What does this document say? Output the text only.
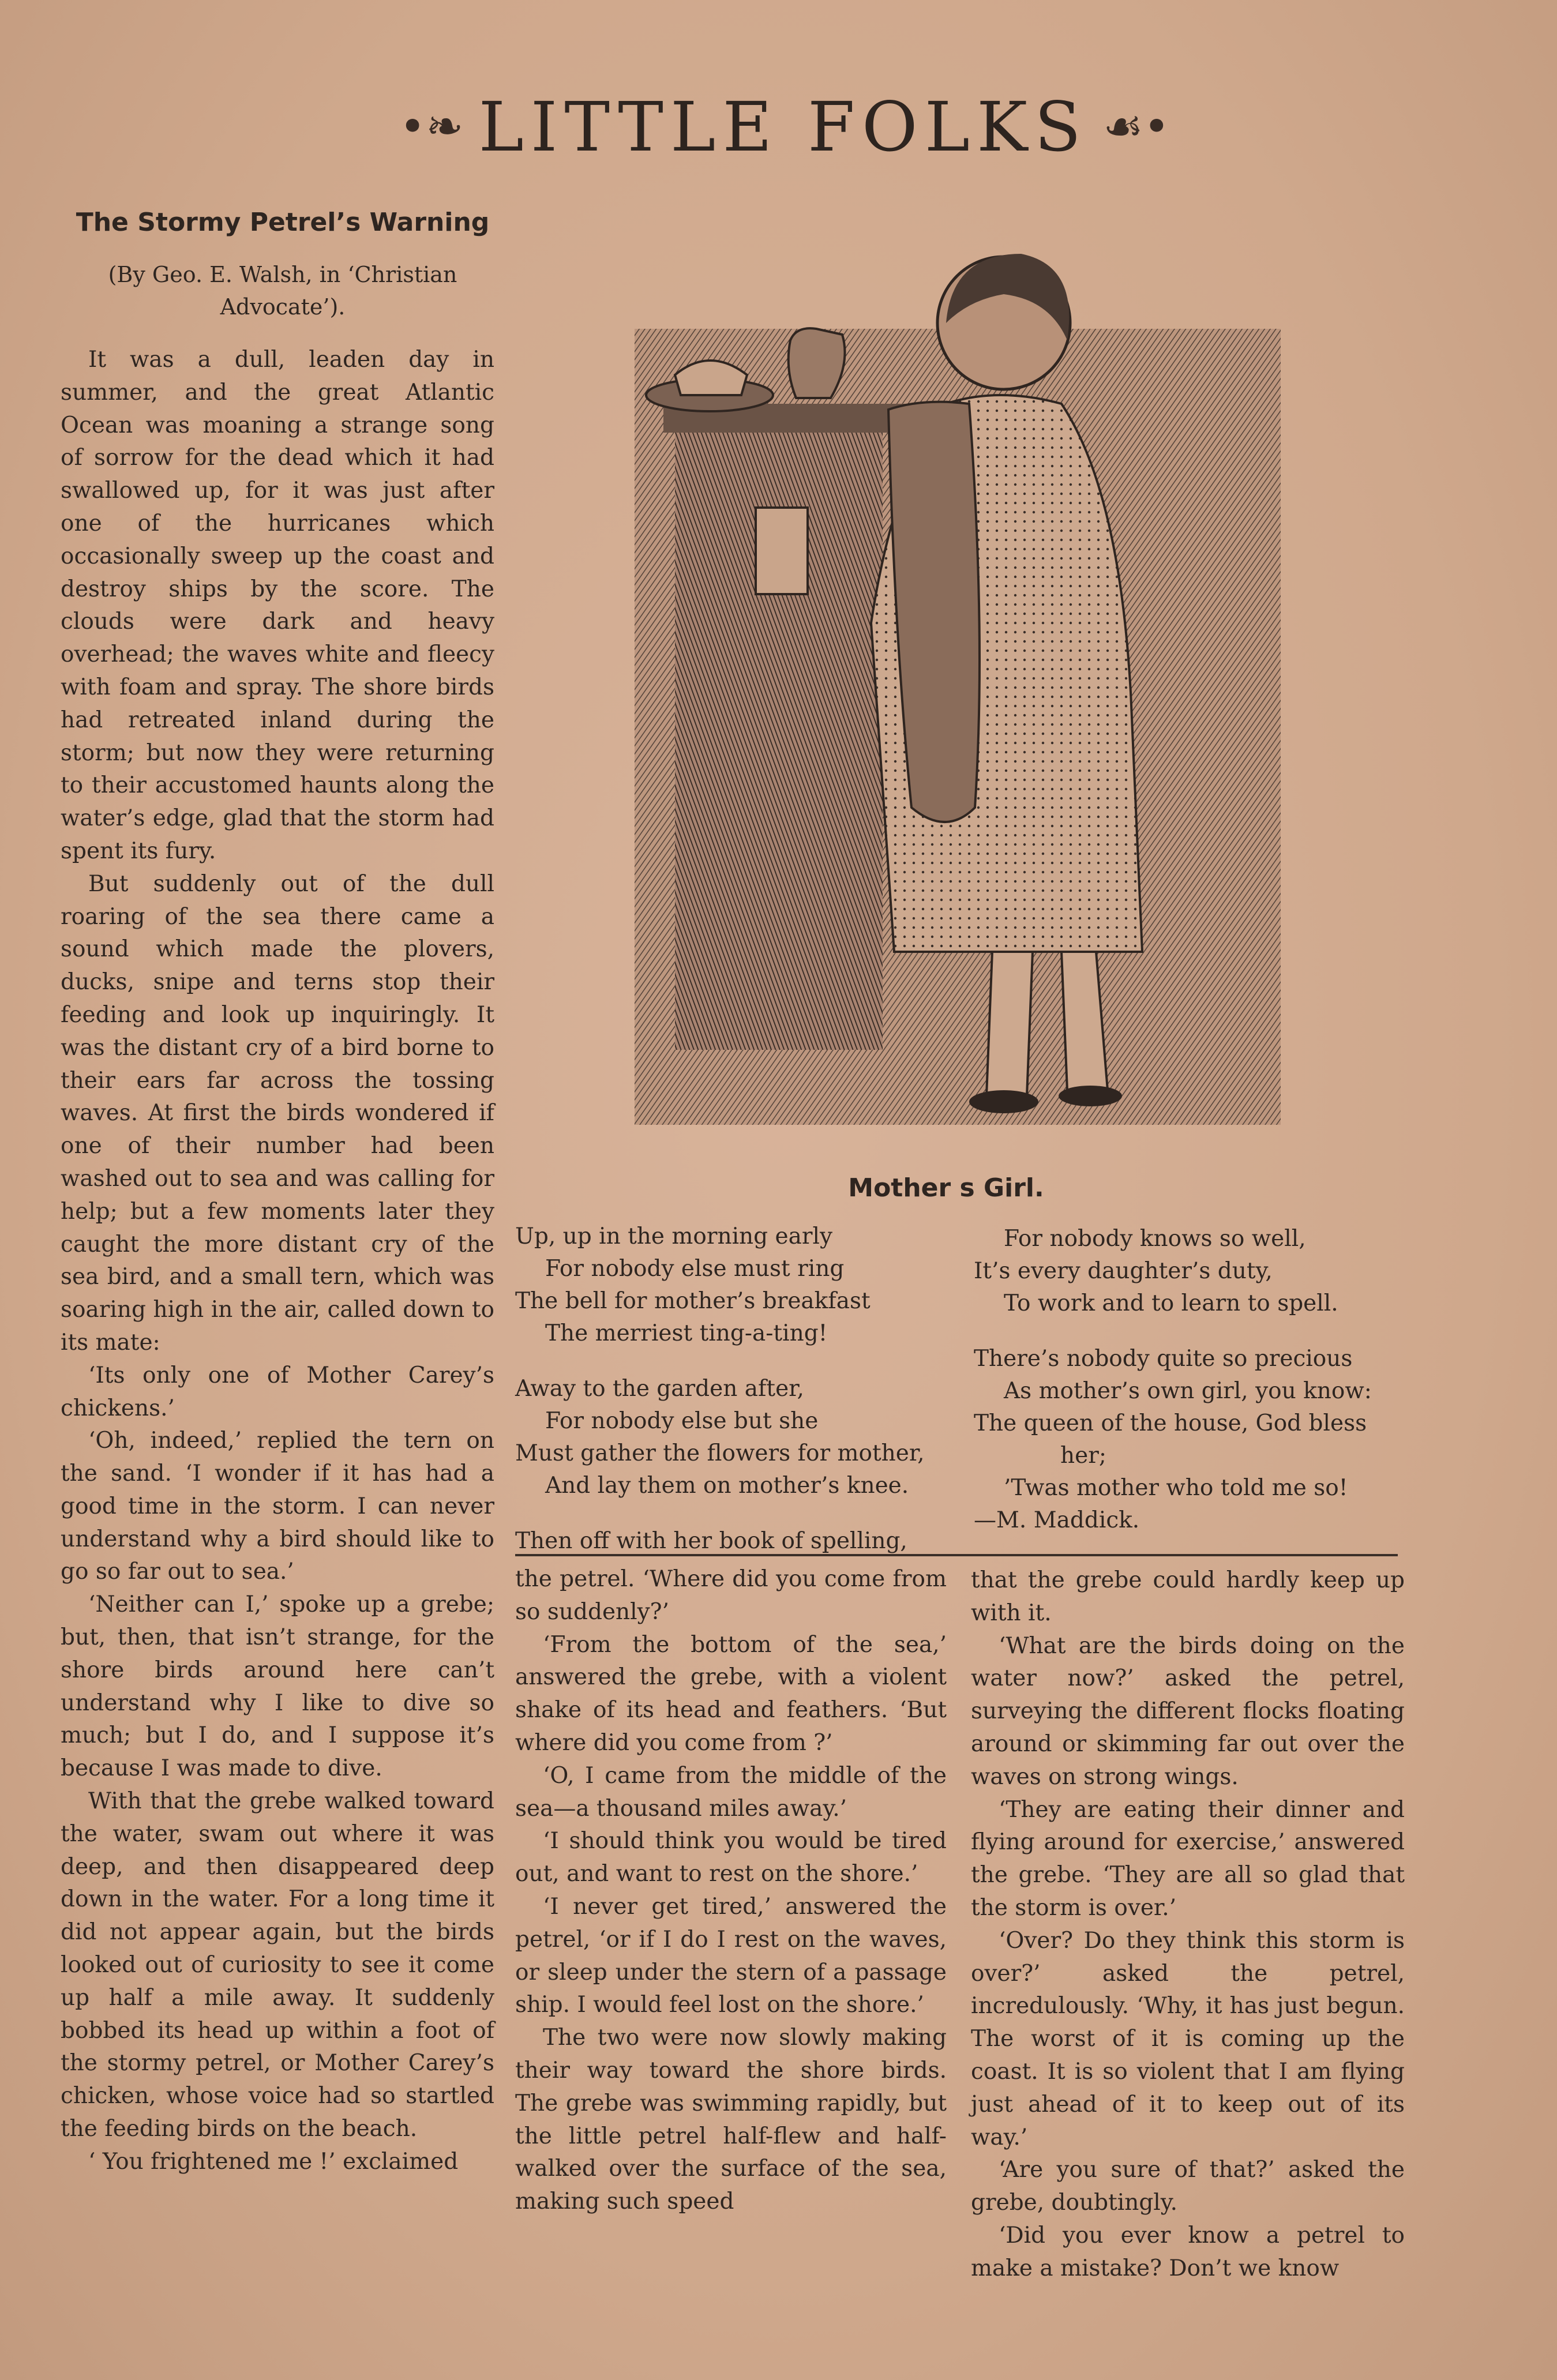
•❧ LITTLE FOLKS ☙•
The Stormy Petrel’s Warning
(By Geo. E. Walsh, in ‘Christian Advocate’).

It was a dull, leaden day in summer, and the great Atlantic Ocean was moaning a strange song of sorrow for the dead which it had swallowed up, for it was just after one of the hurricanes which occasionally sweep up the coast and destroy ships by the score. The clouds were dark and heavy overhead; the waves white and fleecy with foam and spray. The shore birds had retreated inland during the storm; but now they were returning to their accustomed haunts along the water’s edge, glad that the storm had spent its fury.

But suddenly out of the dull roaring of the sea there came a sound which made the plovers, ducks, snipe and terns stop their feeding and look up inquiringly. It was the distant cry of a bird borne to their ears far across the tossing waves. At first the birds wondered if one of their number had been washed out to sea and was calling for help; but a few moments later they caught the more distant cry of the sea bird, and a small tern, which was soaring high in the air, called down to its mate:

‘Its only one of Mother Carey’s chickens.’

‘Oh, indeed,’ replied the tern on the sand. ‘I wonder if it has had a good time in the storm. I can never understand why a bird should like to go so far out to sea.’

‘Neither can I,’ spoke up a grebe; but, then, that isn’t strange, for the shore birds around here can’t understand why I like to dive so much; but I do, and I suppose it’s because I was made to dive.

With that the grebe walked toward the water, swam out where it was deep, and then disappeared deep down in the water. For a long time it did not appear again, but the birds looked out of curiosity to see it come up half a mile away. It suddenly bobbed its head up within a foot of the stormy petrel, or Mother Carey’s chicken, whose voice had so startled the feeding birds on the beach.

‘ You frightened me !’ exclaimed

Mother s Girl.
Up, up in the morning early
For nobody else must ring
The bell for mother’s breakfast
The merriest ting-a-ting!
Away to the garden after,
For nobody else but she
Must gather the flowers for mother,
And lay them on mother’s knee.
Then off with her book of spelling,
For nobody knows so well,
It’s every daughter’s duty,
To work and to learn to spell.
There’s nobody quite so precious
As mother’s own girl, you know:
The queen of the house, God bless
her;
’Twas mother who told me so!
—M. Maddick.

the petrel. ‘Where did you come from so suddenly?’

‘From the bottom of the sea,’ answered the grebe, with a violent shake of its head and feathers. ‘But where did you come from ?’

‘O, I came from the middle of the sea—a thousand miles away.’

‘I should think you would be tired out, and want to rest on the shore.’

‘I never get tired,’ answered the petrel, ‘or if I do I rest on the waves, or sleep under the stern of a passage ship. I would feel lost on the shore.’

The two were now slowly making their way toward the shore birds. The grebe was swimming rapidly, but the little petrel half-flew and half-walked over the surface of the sea, making such speed

that the grebe could hardly keep up with it.

‘What are the birds doing on the water now?’ asked the petrel, surveying the different flocks floating around or skimming far out over the waves on strong wings.

‘They are eating their dinner and flying around for exercise,’ answered the grebe. ‘They are all so glad that the storm is over.’

‘Over? Do they think this storm is over?’ asked the petrel, incredulously. ‘Why, it has just begun. The worst of it is coming up the coast. It is so violent that I am flying just ahead of it to keep out of its way.’

‘Are you sure of that?’ asked the grebe, doubtingly.

‘Did you ever know a petrel to make a mistake? Don’t we know
